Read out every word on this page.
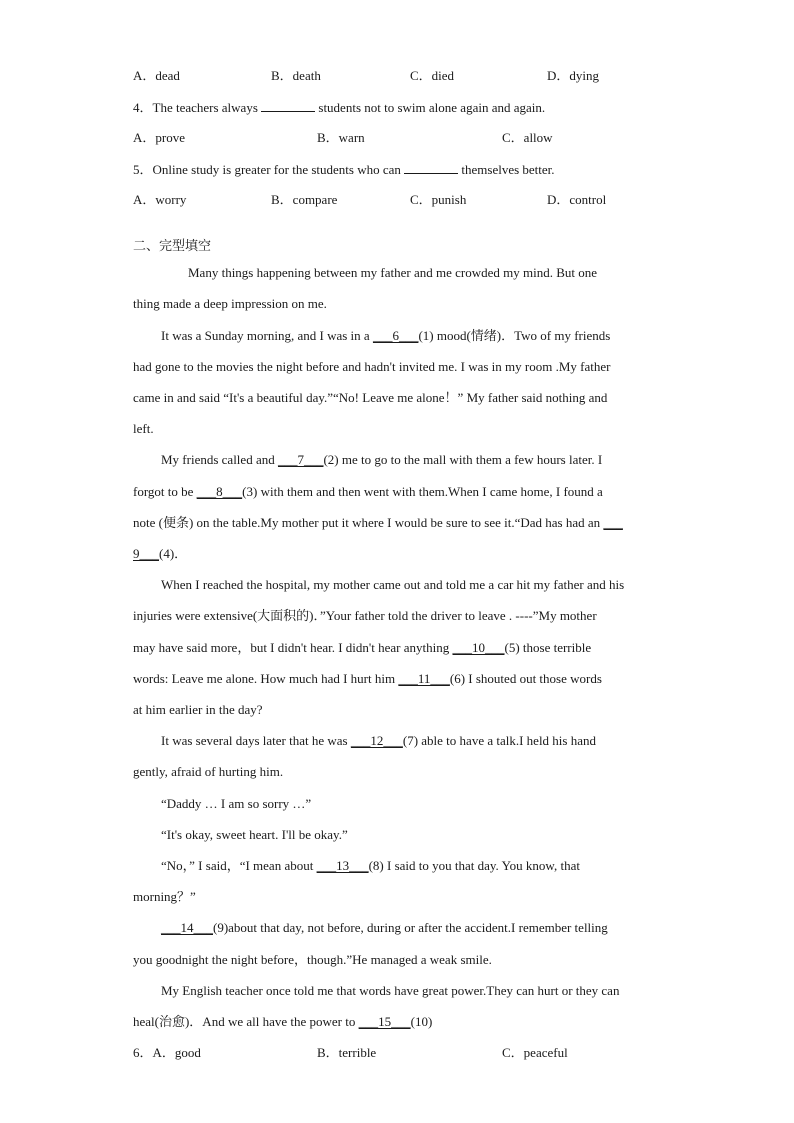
A．dead	B．death	C．died	D．dying
4．The teachers always	students not to swim alone again and again.
A．prove	B．warn	C．allow
5．Online study is greater for the students who can	themselves better.
A．worry	B．compare	C．punish	D．control
二、完型填空
Many things happening between my father and me crowded my mind. But one
thing made a deep impression on me.
It was a Sunday morning, and I was in a ___6___(1) mood(情绪)．Two of my friends
had gone to the movies the night before and hadn't invited me. I was in my room .My father
came in and said “It's a beautiful day.”“No! Leave me alone！” My father said nothing and
left.
My friends called and ___7___(2) me to go to the mall with them a few hours later. I
forgot to be ___8___(3) with them and then went with them.When I came home, I found a
note (便条) on the table.My mother put it where I would be sure to see it.“Dad has had an ___
9___(4)．
When I reached the hospital, my mother came out and told me a car hit my father and his
injuries were extensive(大面积的)．”Your father told the driver to leave . ----”My mother
may have said more，but I didn't hear. I didn't hear anything ___10___(5) those terrible
words: Leave me alone. How much had I hurt him ___11___(6) I shouted out those words
at him earlier in the day?
It was several days later that he was ___12___(7) able to have a talk.I held his hand
gently, afraid of hurting him.
“Daddy … I am so sorry …”
“It's okay, sweet heart. I'll be okay.”
“No，” I said，“I mean about ___13___(8) I said to you that day. You know, that
morning？”
___14___(9)about that day, not before, during or after the accident.I remember telling
you goodnight the night before，though.”He managed a weak smile.
My English teacher once told me that words have great power.They can hurt or they can
heal(治愈)．And we all have the power to ___15___(10)
6．A．good	B．terrible	C．peaceful
